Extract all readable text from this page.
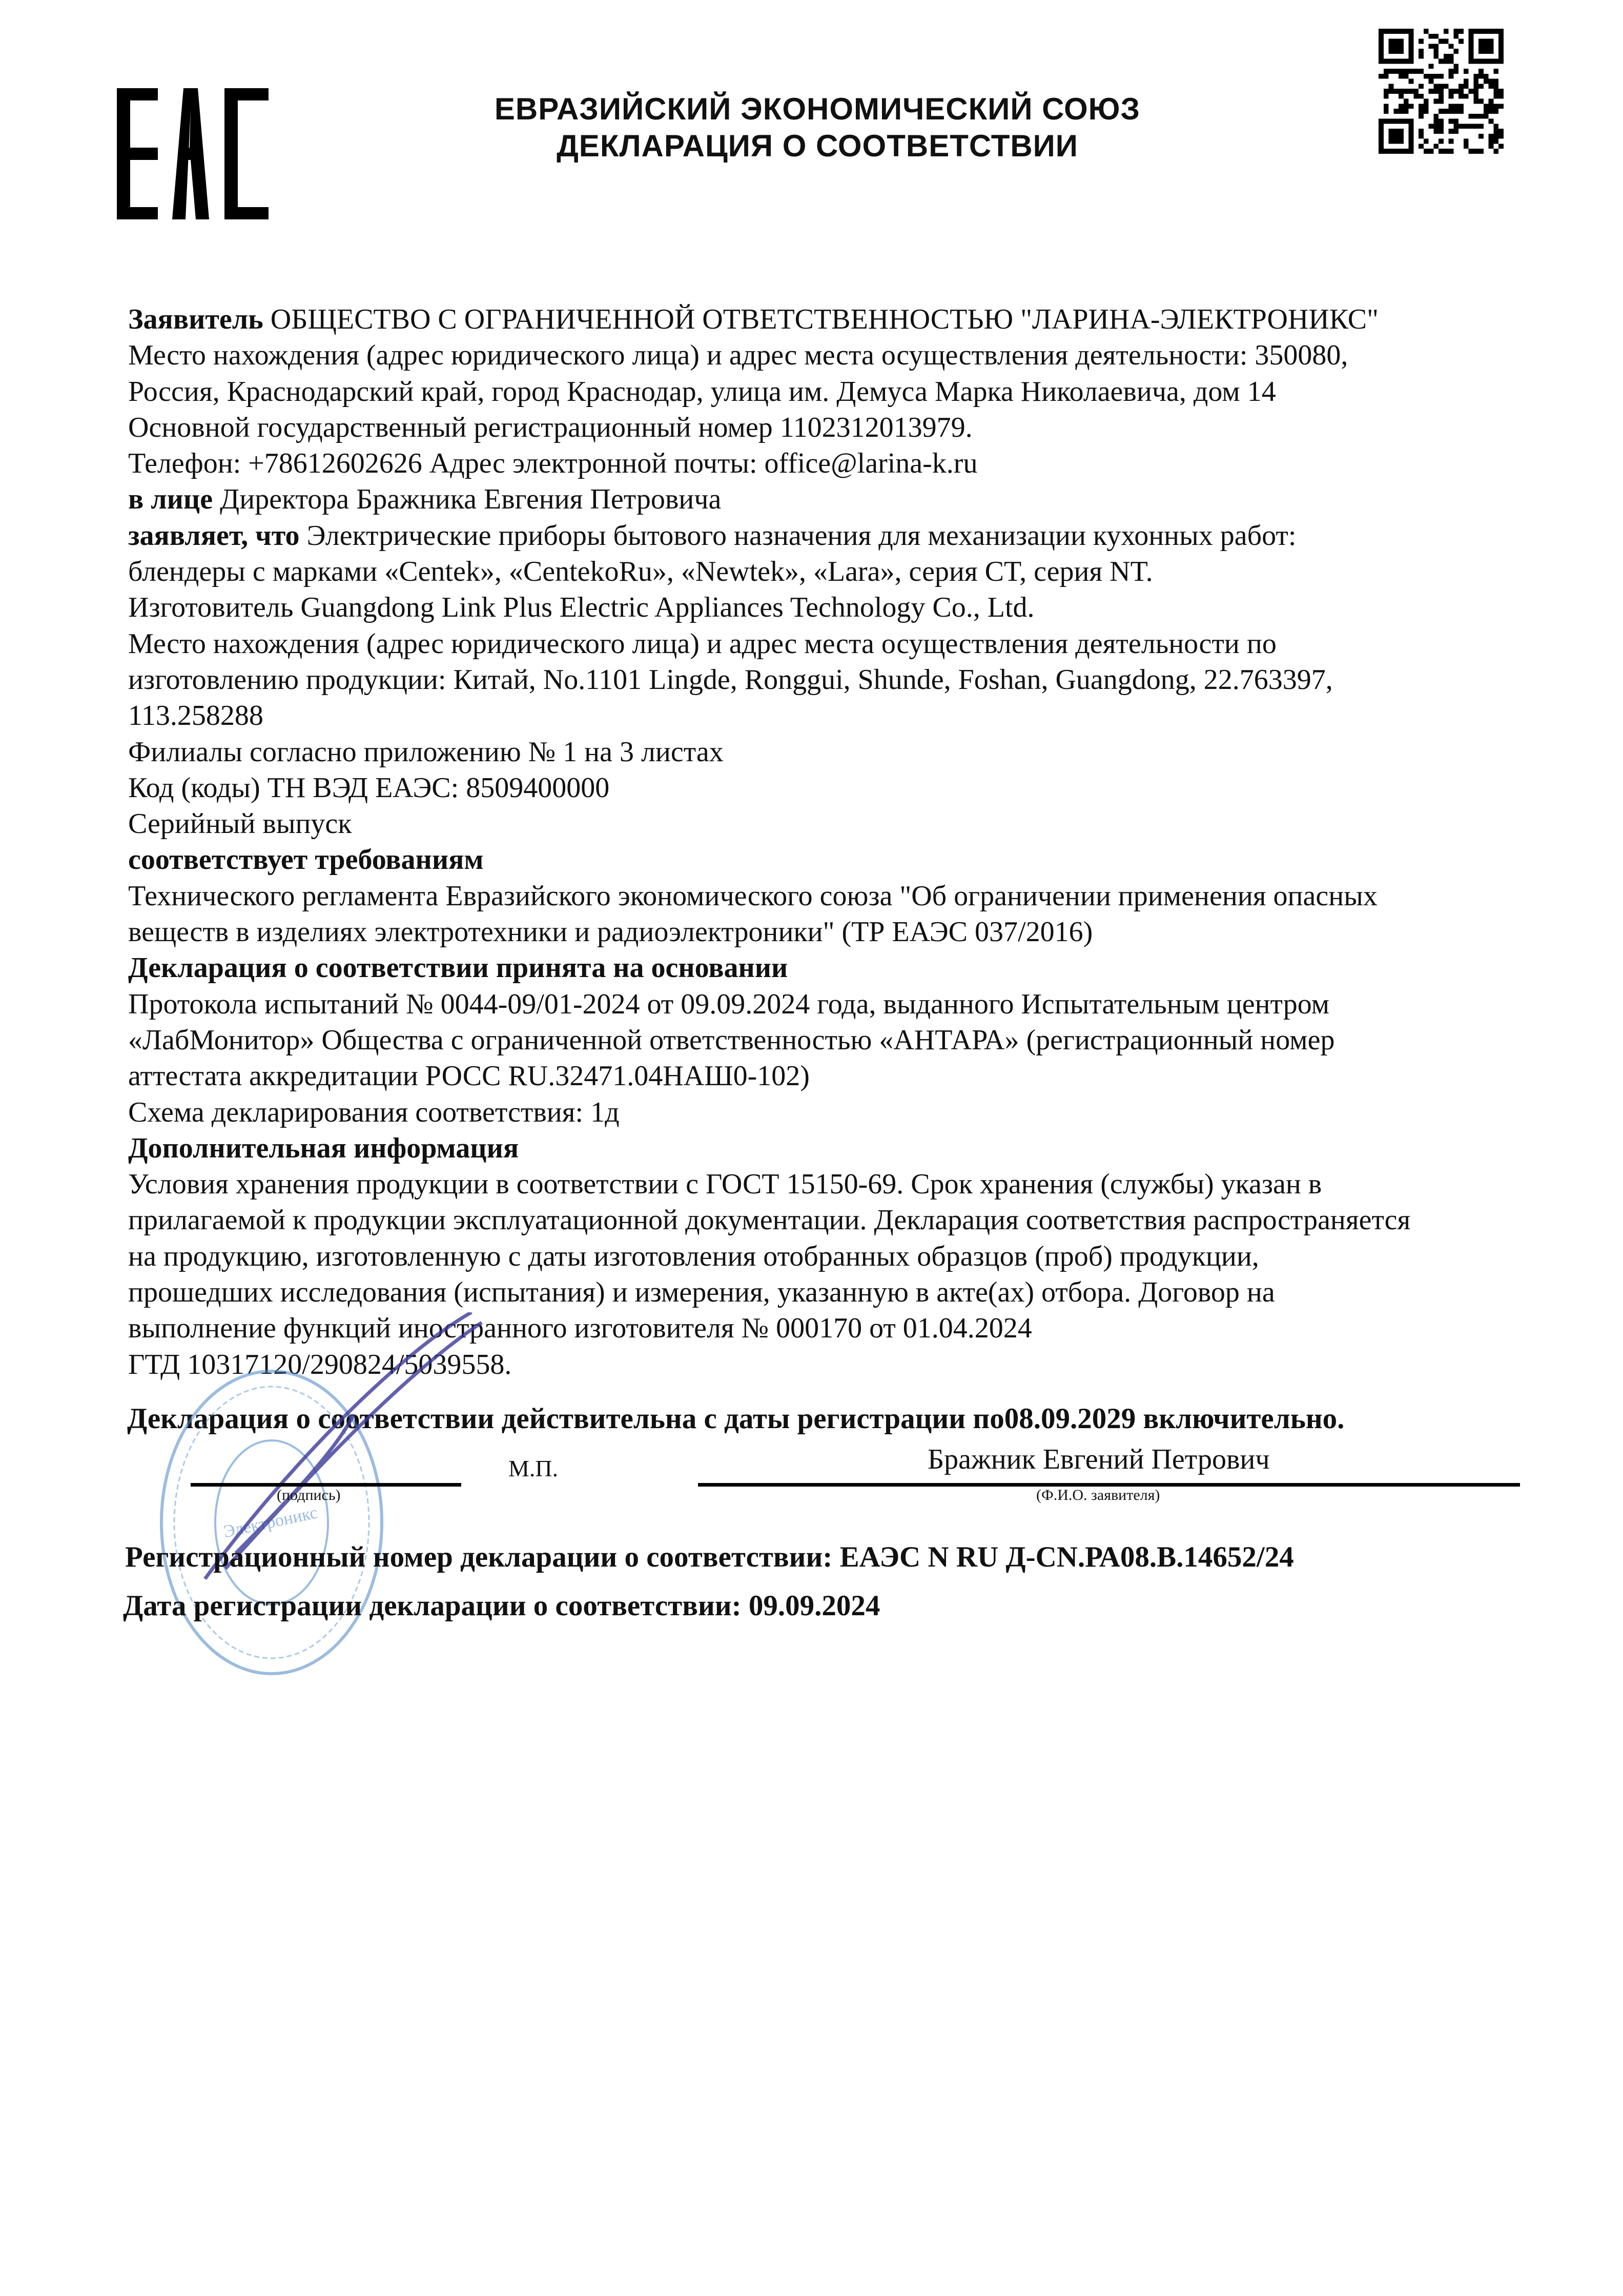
ЕВРАЗИЙСКИЙ ЭКОНОМИЧЕСКИЙ СОЮЗ
ДЕКЛАРАЦИЯ О СООТВЕТСТВИИ
Заявитель ОБЩЕСТВО С ОГРАНИЧЕННОЙ ОТВЕТСТВЕННОСТЬЮ "ЛАРИНА-ЭЛЕКТРОНИКС"
Место нахождения (адрес юридического лица) и адрес места осуществления деятельности: 350080,
Россия, Краснодарский край, город Краснодар, улица им. Демуса Марка Николаевича, дом 14
Основной государственный регистрационный номер 1102312013979.
Телефон: +78612602626 Адрес электронной почты: office@larina-k.ru
в лице Директора Бражника Евгения Петровича
заявляет, что Электрические приборы бытового назначения для механизации кухонных работ:
блендеры с марками «Centek», «CentekoRu», «Newtek», «Lara», серия CT, серия NT.
Изготовитель Guangdong Link Plus Electric Appliances Technology Co., Ltd.
Место нахождения (адрес юридического лица) и адрес места осуществления деятельности по
изготовлению продукции: Китай, No.1101 Lingde, Ronggui, Shunde, Foshan, Guangdong, 22.763397,
113.258288
Филиалы согласно приложению № 1 на 3 листах
Код (коды) ТН ВЭД ЕАЭС: 8509400000
Серийный выпуск
соответствует требованиям
Технического регламента Евразийского экономического союза "Об ограничении применения опасных
веществ в изделиях электротехники и радиоэлектроники" (ТР ЕАЭС 037/2016)
Декларация о соответствии принята на основании
Протокола испытаний № 0044-09/01-2024 от 09.09.2024 года, выданного Испытательным центром
«ЛабМонитор» Общества с ограниченной ответственностью «АНТАРА» (регистрационный номер
аттестата аккредитации РОСС RU.32471.04НАШ0-102)
Схема декларирования соответствия: 1д
Дополнительная информация
Условия хранения продукции в соответствии с ГОСТ 15150-69. Срок хранения (службы) указан в
прилагаемой к продукции эксплуатационной документации. Декларация соответствия распространяется
на продукцию, изготовленную с даты изготовления отобранных образцов (проб) продукции,
прошедших исследования (испытания) и измерения, указанную в акте(ах) отбора. Договор на
выполнение функций иностранного изготовителя № 000170 от 01.04.2024
ГТД 10317120/290824/5039558.
Декларация о соответствии действительна с даты регистрации по08.09.2029 включительно.
Электроникс
М.П.
(подпись)
Бражник Евгений Петрович
(Ф.И.О. заявителя)
Регистрационный номер декларации о соответствии: ЕАЭС N RU Д-CN.РА08.В.14652/24
Дата регистрации декларации о соответствии: 09.09.2024
